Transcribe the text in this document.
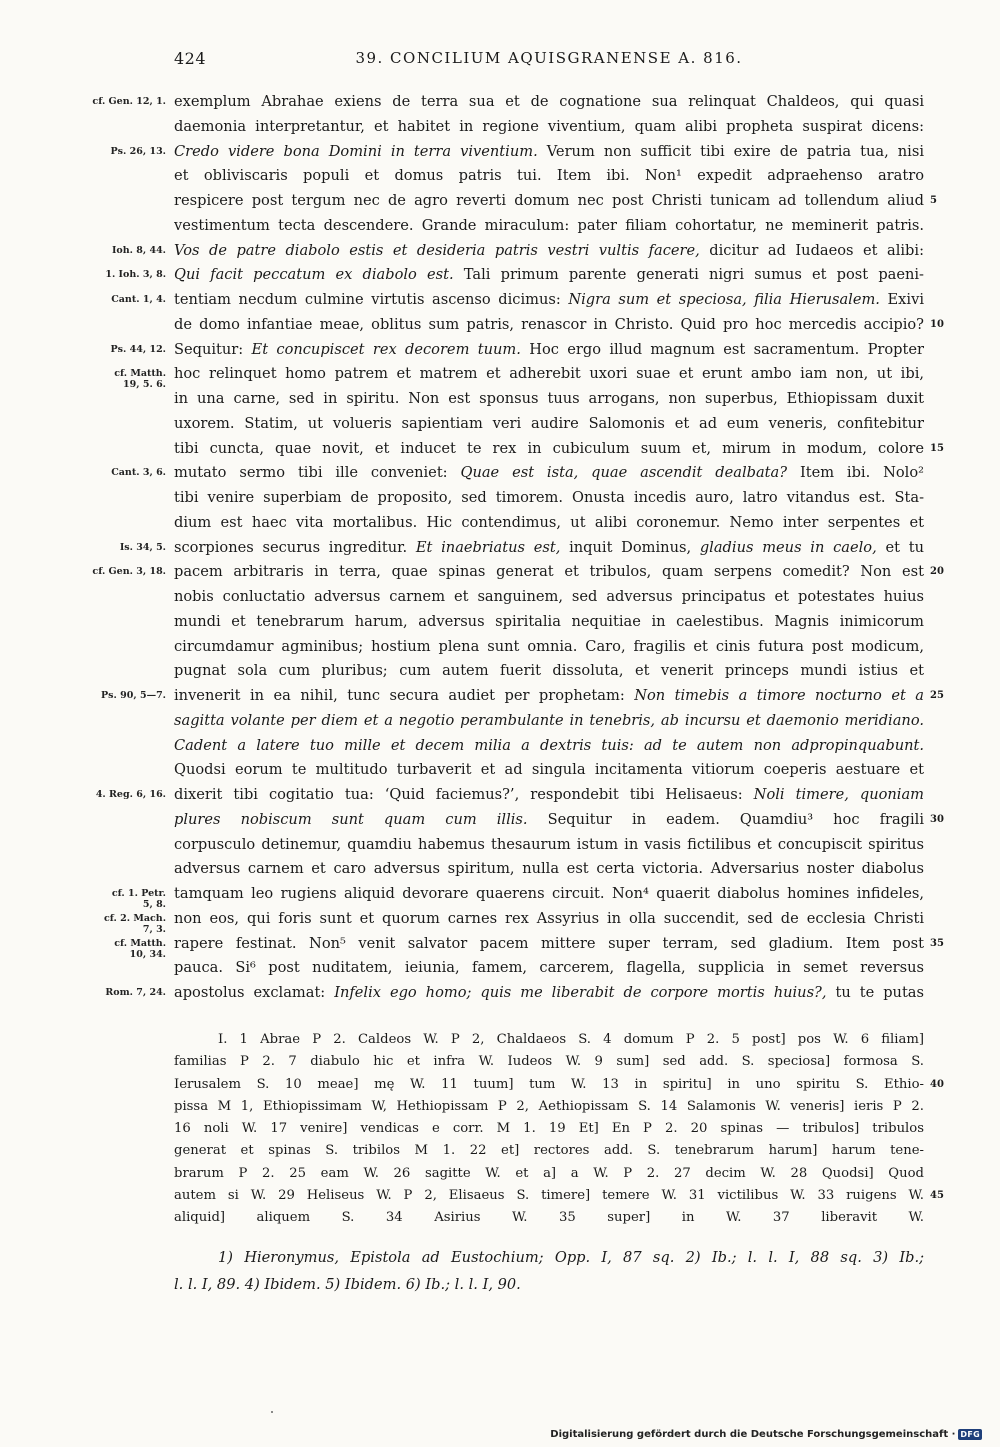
424	39. CONCILIUM AQUISGRANENSE A. 816.
cf. Gen. 12, 1. exemplum Abrahae exiens de terra sua et de cognatione sua relinquat Chaldeos, qui quasi
daemonia interpretantur, et habitet in regione viventium, quam alibi propheta suspirat dicens:
Ps. 26, 13. Credo videre bona Domini in terra viventium. Verum non sufficit tibi exire de patria tua, nisi
et obliviscaris populi et domus patris tui. Item ibi. Non¹ expedit adpraehenso aratro
respicere post tergum nec de agro reverti domum nec post Christi tunicam ad tollendum aliud 5
vestimentum tecta descendere. Grande miraculum: pater filiam cohortatur, ne meminerit patris.
Ioh. 8, 44. Vos de patre diabolo estis et desideria patris vestri vultis facere, dicitur ad Iudaeos et alibi:
1. Ioh. 3, 8. Qui facit peccatum ex diabolo est. Tali primum parente generati nigri sumus et post paeni-
Cant. 1, 4. tentiam necdum culmine virtutis ascenso dicimus: Nigra sum et speciosa, filia Hierusalem. Exivi
de domo infantiae meae, oblitus sum patris, renascor in Christo. Quid pro hoc mercedis accipio? 10
Ps. 44, 12. Sequitur: Et concupiscet rex decorem tuum. Hoc ergo illud magnum est sacramentum. Propter
cf. Matth.
19, 5. 6.
hoc relinquet homo patrem et matrem et adherebit uxori suae et erunt ambo iam non, ut ibi,
in una carne, sed in spiritu. Non est sponsus tuus arrogans, non superbus, Ethiopissam duxit
uxorem. Statim, ut volueris sapientiam veri audire Salomonis et ad eum veneris, confitebitur
tibi cuncta, quae novit, et inducet te rex in cubiculum suum et, mirum in modum, colore 15
Cant. 3, 6. mutato sermo tibi ille conveniet: Quae est ista, quae ascendit dealbata? Item ibi. Nolo²
tibi venire superbiam de proposito, sed timorem. Onusta incedis auro, latro vitandus est. Sta-
dium est haec vita mortalibus. Hic contendimus, ut alibi coronemur. Nemo inter serpentes et
Is. 34, 5. scorpiones securus ingreditur. Et inaebriatus est, inquit Dominus, gladius meus in caelo, et tu
cf. Gen. 3, 18. pacem arbitraris in terra, quae spinas generat et tribulos, quam serpens comedit? Non est 20
nobis conluctatio adversus carnem et sanguinem, sed adversus principatus et potestates huius
mundi et tenebrarum harum, adversus spiritalia nequitiae in caelestibus. Magnis inimicorum
circumdamur agminibus; hostium plena sunt omnia. Caro, fragilis et cinis futura post modicum,
pugnat sola cum pluribus; cum autem fuerit dissoluta, et venerit princeps mundi istius et
Ps. 90, 5—7. invenerit in ea nihil, tunc secura audiet per prophetam: Non timebis a timore nocturno et a 25
sagitta volante per diem et a negotio perambulante in tenebris, ab incursu et daemonio meridiano.
Cadent a latere tuo mille et decem milia a dextris tuis: ad te autem non adpropinquabunt.
Quodsi eorum te multitudo turbaverit et ad singula incitamenta vitiorum coeperis aestuare et
4. Reg. 6, 16. dixerit tibi cogitatio tua: ‘Quid faciemus?’, respondebit tibi Helisaeus: Noli timere, quoniam
plures nobiscum sunt quam cum illis. Sequitur in eadem. Quamdiu³ hoc fragili 30
corpusculo detinemur, quamdiu habemus thesaurum istum in vasis fictilibus et concupiscit spiritus
adversus carnem et caro adversus spiritum, nulla est certa victoria. Adversarius noster diabolus
cf. 1. Petr.
5, 8.
tamquam leo rugiens aliquid devorare quaerens circuit. Non⁴ quaerit diabolus homines infideles,
cf. 2. Mach.
7, 3.
non eos, qui foris sunt et quorum carnes rex Assyrius in olla succendit, sed de ecclesia Christi
cf. Matth.
10, 34.
rapere festinat. Non⁵ venit salvator pacem mittere super terram, sed gladium. Item post 35
pauca. Si⁶ post nuditatem, ieiunia, famem, carcerem, flagella, supplicia in semet reversus
Rom. 7, 24. apostolus exclamat: Infelix ego homo; quis me liberabit de corpore mortis huius?, tu te putas
I. 1 Abrae P 2. Caldeos W. P 2, Chaldaeos S. 4 domum P 2. 5 post] pos W. 6 filiam]
familias P 2. 7 diabulo hic et infra W. Iudeos W. 9 sum] sed add. S. speciosa] formosa S.
Ierusalem S. 10 meae] mę W. 11 tuum] tum W. 13 in spiritu] in uno spiritu S. Ethio- 40
pissa M 1, Ethiopissimam W, Hethiopissam P 2, Aethiopissam S. 14 Salamonis W. veneris] ieris P 2.
16 noli W. 17 venire] vendicas e corr. M 1. 19 Et] En P 2. 20 spinas — tribulos] tribulos
generat et spinas S. tribilos M 1. 22 et] rectores add. S. tenebrarum harum] harum tene-
brarum P 2. 25 eam W. 26 sagitte W. et a] a W. P 2. 27 decim W. 28 Quodsi] Quod
autem si W. 29 Heliseus W. P 2, Elisaeus S. timere] temere W. 31 victilibus W. 33 ruigens W. 45
aliquid] aliquem S. 34 Asirius W. 35 super] in W. 37 liberavit W.
1) Hieronymus, Epistola ad Eustochium; Opp. I, 87 sq. 2) Ib.; l. l. I, 88 sq. 3) Ib.;
l. l. I, 89. 4) Ibidem. 5) Ibidem. 6) Ib.; l. l. I, 90.
Digitalisierung gefördert durch die Deutsche Forschungsgemeinschaft · DFG
